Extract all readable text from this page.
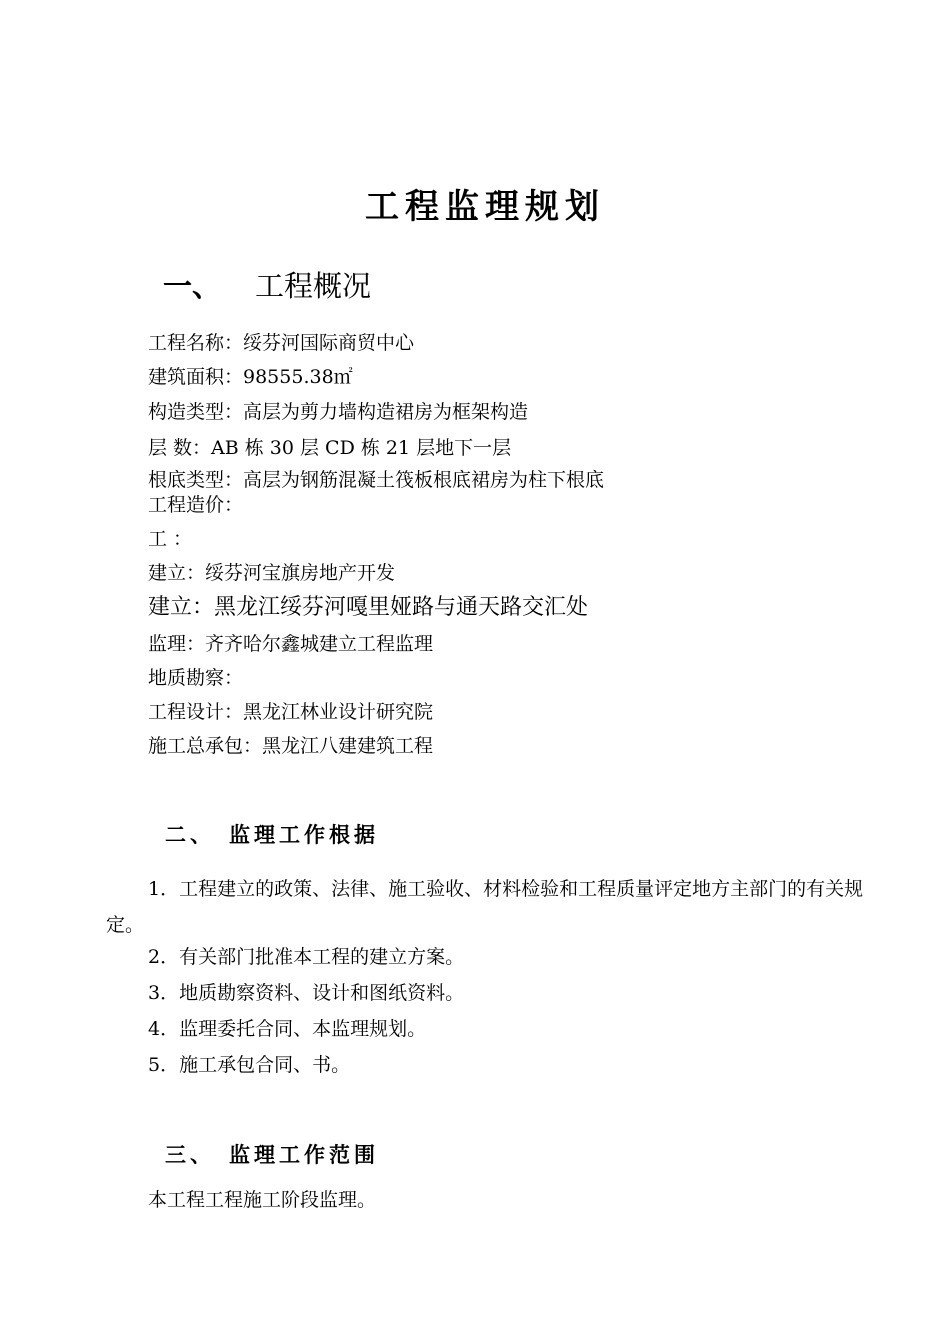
工程监理规划
一、 工程概况
工程名称：绥芬河国际商贸中心
建筑面积：98555.38㎡
构造类型：高层为剪力墙构造裙房为框架构造
层 数：AB 栋 30 层 CD 栋 21 层地下一层
根底类型：高层为钢筋混凝土筏板根底裙房为柱下根底
工程造价：
工 ：
建立：绥芬河宝旗房地产开发
建立：黑龙江绥芬河嘎里娅路与通天路交汇处
监理：齐齐哈尔鑫城建立工程监理
地质勘察：
工程设计：黑龙江林业设计研究院
施工总承包：黑龙江八建建筑工程
二、 监理工作根据
1．工程建立的政策、法律、施工验收、材料检验和工程质量评定地方主部门的有关规定。
2．有关部门批准本工程的建立方案。
3．地质勘察资料、设计和图纸资料。
4．监理委托合同、本监理规划。
5．施工承包合同、书。
三、 监理工作范围
本工程工程施工阶段监理。
